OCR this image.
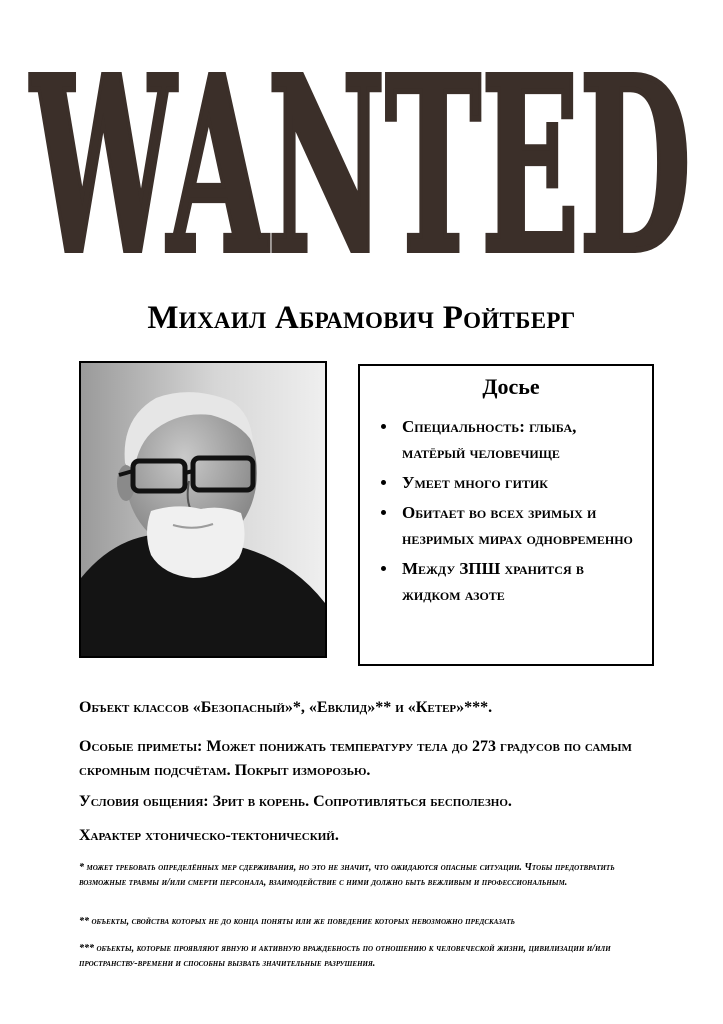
WANTED
Михаил Абрамович Ройтберг
Досье
• Специальность: глыба, матёрый человечище
• Умеет много гитик
• Обитает во всех зримых и незримых мирах одновременно
• Между ЗПШ хранится в жидком азоте

Объект классов «Безопасный»*, «Евклид»** и «Кетер»***.

Особые приметы: Может понижать температуру тела до 273 градусов по самым скромным подсчётам. Покрыт изморозью.

Условия общения: Зрит в корень. Сопротивляться бесполезно.

Характер хтоническо-тектонический.

* может требовать определённых мер сдерживания, но это не значит, что ожидаются опасные ситуации. Чтобы предотвратить возможные травмы и/или смерти персонала, взаимодействие с ними должно быть вежливым и профессиональным.

** объекты, свойства которых не до конца поняты или же поведение которых невозможно предсказать

*** объекты, которые проявляют явную и активную враждебность по отношению к человеческой жизни, цивилизации и/или пространству-времени и способны вызвать значительные разрушения.
